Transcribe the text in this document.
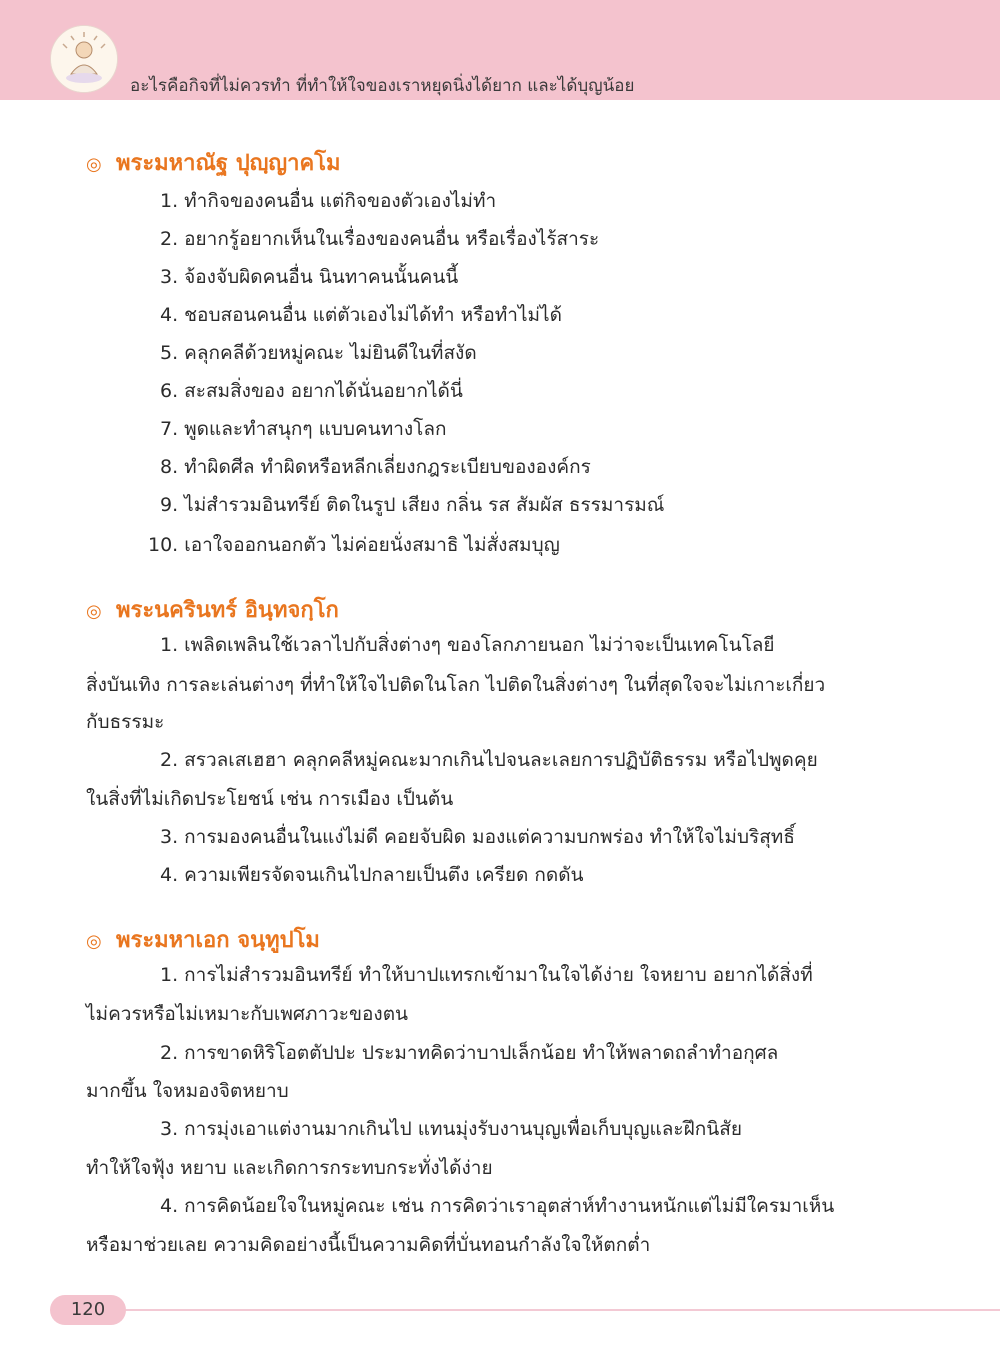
อะไรคือกิจที่ไม่ควรทำ ที่ทำให้ใจของเราหยุดนิ่งได้ยาก และได้บุญน้อย
◎ พระมหาณัฐ ปุญฺญาคโม
1. ทำกิจของคนอื่น แต่กิจของตัวเองไม่ทำ
2. อยากรู้อยากเห็นในเรื่องของคนอื่น หรือเรื่องไร้สาระ
3. จ้องจับผิดคนอื่น นินทาคนนั้นคนนี้
4. ชอบสอนคนอื่น แต่ตัวเองไม่ได้ทำ หรือทำไม่ได้
5. คลุกคลีด้วยหมู่คณะ ไม่ยินดีในที่สงัด
6. สะสมสิ่งของ อยากได้นั่นอยากได้นี่
7. พูดและทำสนุกๆ แบบคนทางโลก
8. ทำผิดศีล ทำผิดหรือหลีกเลี่ยงกฎระเบียบขององค์กร
9. ไม่สำรวมอินทรีย์ ติดในรูป เสียง กลิ่น รส สัมผัส ธรรมารมณ์
10. เอาใจออกนอกตัว ไม่ค่อยนั่งสมาธิ ไม่สั่งสมบุญ
◎ พระนครินทร์ อินฺทจกฺโก
1. เพลิดเพลินใช้เวลาไปกับสิ่งต่างๆ ของโลกภายนอก ไม่ว่าจะเป็นเทคโนโลยี
สิ่งบันเทิง การละเล่นต่างๆ ที่ทำให้ใจไปติดในโลก ไปติดในสิ่งต่างๆ ในที่สุดใจจะไม่เกาะเกี่ยว
กับธรรมะ
2. สรวลเสเฮฮา คลุกคลีหมู่คณะมากเกินไปจนละเลยการปฏิบัติธรรม หรือไปพูดคุย
ในสิ่งที่ไม่เกิดประโยชน์ เช่น การเมือง เป็นต้น
3. การมองคนอื่นในแง่ไม่ดี คอยจับผิด มองแต่ความบกพร่อง ทำให้ใจไม่บริสุทธิ์
4. ความเพียรจัดจนเกินไปกลายเป็นตึง เครียด กดดัน
◎ พระมหาเอก จนฺทูปโม
1. การไม่สำรวมอินทรีย์ ทำให้บาปแทรกเข้ามาในใจได้ง่าย ใจหยาบ อยากได้สิ่งที่
ไม่ควรหรือไม่เหมาะกับเพศภาวะของตน
2. การขาดหิริโอตตัปปะ ประมาทคิดว่าบาปเล็กน้อย ทำให้พลาดถลำทำอกุศล
มากขึ้น ใจหมองจิตหยาบ
3. การมุ่งเอาแต่งานมากเกินไป แทนมุ่งรับงานบุญเพื่อเก็บบุญและฝึกนิสัย
ทำให้ใจฟุ้ง หยาบ และเกิดการกระทบกระทั่งได้ง่าย
4. การคิดน้อยใจในหมู่คณะ เช่น การคิดว่าเราอุตส่าห์ทำงานหนักแต่ไม่มีใครมาเห็น
หรือมาช่วยเลย ความคิดอย่างนี้เป็นความคิดที่บั่นทอนกำลังใจให้ตกต่ำ
120
